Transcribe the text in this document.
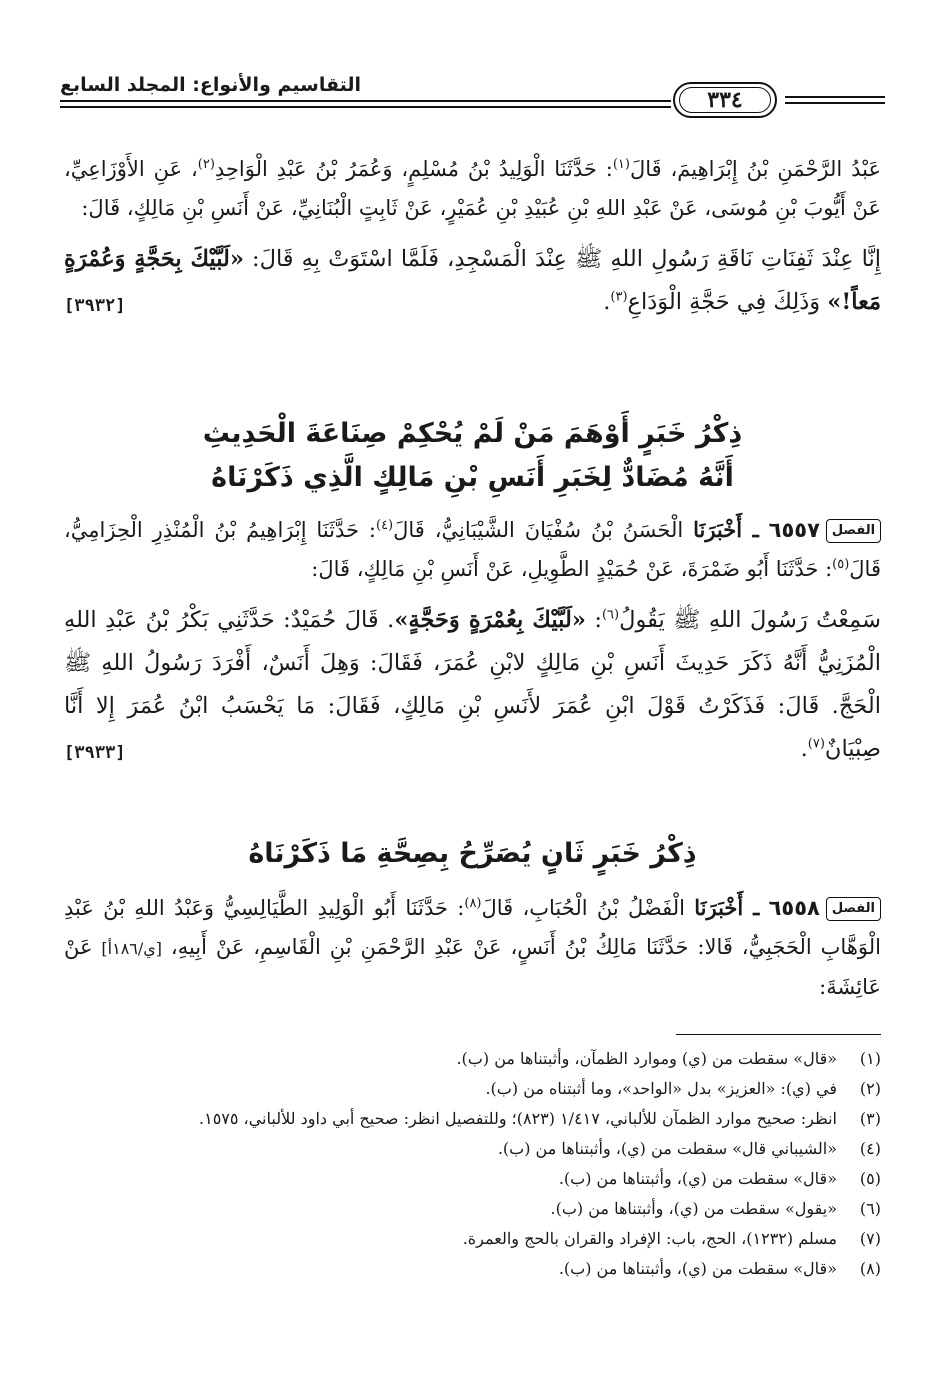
٣٣٤
التقاسيم والأنواع: المجلد السابع

عَبْدُ الرَّحْمَنِ بْنُ إِبْرَاهِيمَ، قَالَ$^{(١)}$: حَدَّثَنَا الْوَلِيدُ بْنُ مُسْلِمٍ، وَعُمَرُ بْنُ عَبْدِ الْوَاحِدِ$^{(٢)}$، عَنِ الأَوْزَاعِيِّ، عَنْ أَيُّوبَ بْنِ مُوسَى، عَنْ عَبْدِ اللهِ بْنِ عُبَيْدِ بْنِ عُمَيْرٍ، عَنْ ثَابِتٍ الْبُنَانِيِّ، عَنْ أَنَسِ بْنِ مَالِكٍ، قَالَ:

إِنَّا عِنْدَ ثَفِنَاتِ نَاقَةِ رَسُولِ اللهِ ﷺ عِنْدَ الْمَسْجِدِ، فَلَمَّا اسْتَوَتْ بِهِ قَالَ: «لَبَّيْكَ بِحَجَّةٍ وَعُمْرَةٍ مَعاً!» وَذَلِكَ فِي حَجَّةِ الْوَدَاعِ$^{(٣)}$.
[٣٩٣٢]

ذِكْرُ خَبَرٍ أَوْهَمَ مَنْ لَمْ يُحْكِمْ صِنَاعَةَ الْحَدِيثِ

أَنَّهُ مُضَادٌّ لِخَبَرِ أَنَسِ بْنِ مَالِكٍ الَّذِي ذَكَرْنَاهُ

الفصل٦٥٥٧ ـ أَخْبَرَنَا الْحَسَنُ بْنُ سُفْيَانَ الشَّيْبَانِيُّ، قَالَ$^{(٤)}$: حَدَّثَنَا إِبْرَاهِيمُ بْنُ الْمُنْذِرِ الْحِزَامِيُّ، قَالَ$^{(٥)}$: حَدَّثَنَا أَبُو ضَمْرَةَ، عَنْ حُمَيْدٍ الطَّوِيلِ، عَنْ أَنَسِ بْنِ مَالِكٍ، قَالَ:

سَمِعْتُ رَسُولَ اللهِ ﷺ يَقُولُ$^{(٦)}$: «لَبَّيْكَ بِعُمْرَةٍ وَحَجَّةٍ». قَالَ حُمَيْدٌ: حَدَّثَنِي بَكْرُ بْنُ عَبْدِ اللهِ الْمُزَنِيُّ أَنَّهُ ذَكَرَ حَدِيثَ أَنَسِ بْنِ مَالِكٍ لابْنِ عُمَرَ، فَقَالَ: وَهِلَ أَنَسٌ، أَفْرَدَ رَسُولُ اللهِ ﷺ الْحَجَّ. قَالَ: فَذَكَرْتُ قَوْلَ ابْنِ عُمَرَ لأَنَسِ بْنِ مَالِكٍ، فَقَالَ: مَا يَحْسَبُ ابْنُ عُمَرَ إِلا أَنَّا صِبْيَانٌ$^{(٧)}$.
[٣٩٣٣]

ذِكْرُ خَبَرٍ ثَانٍ يُصَرِّحُ بِصِحَّةِ مَا ذَكَرْنَاهُ

الفصل٦٥٥٨ ـ أَخْبَرَنَا الْفَضْلُ بْنُ الْحُبَابِ، قَالَ$^{(٨)}$: حَدَّثَنَا أَبُو الْوَلِيدِ الطَّيَالِسِيُّ وَعَبْدُ اللهِ بْنُ عَبْدِ الْوَهَّابِ الْحَجَبِيُّ، قَالا: حَدَّثَنَا مَالِكُ بْنُ أَنَسٍ، عَنْ عَبْدِ الرَّحْمَنِ بْنِ الْقَاسِمِ، عَنْ أَبِيهِ، [ي/١٨٦أ] عَنْ عَائِشَةَ:

(١)
«قال» سقطت من (ي) وموارد الظمآن، وأثبتناها من (ب).
(٢)
في (ي): «العزيز» بدل «الواحد»، وما أثبتناه من (ب).
(٣)
انظر: صحيح موارد الظمآن للألباني، ١/٤١٧ (٨٢٣)؛ وللتفصيل انظر: صحيح أبي داود للألباني، ١٥٧٥.
(٤)
«الشيباني قال» سقطت من (ي)، وأثبتناها من (ب).
(٥)
«قال» سقطت من (ي)، وأثبتناها من (ب).
(٦)
«يقول» سقطت من (ي)، وأثبتناها من (ب).
(٧)
مسلم (١٢٣٢)، الحج، باب: الإفراد والقران بالحج والعمرة.
(٨)
«قال» سقطت من (ي)، وأثبتناها من (ب).
